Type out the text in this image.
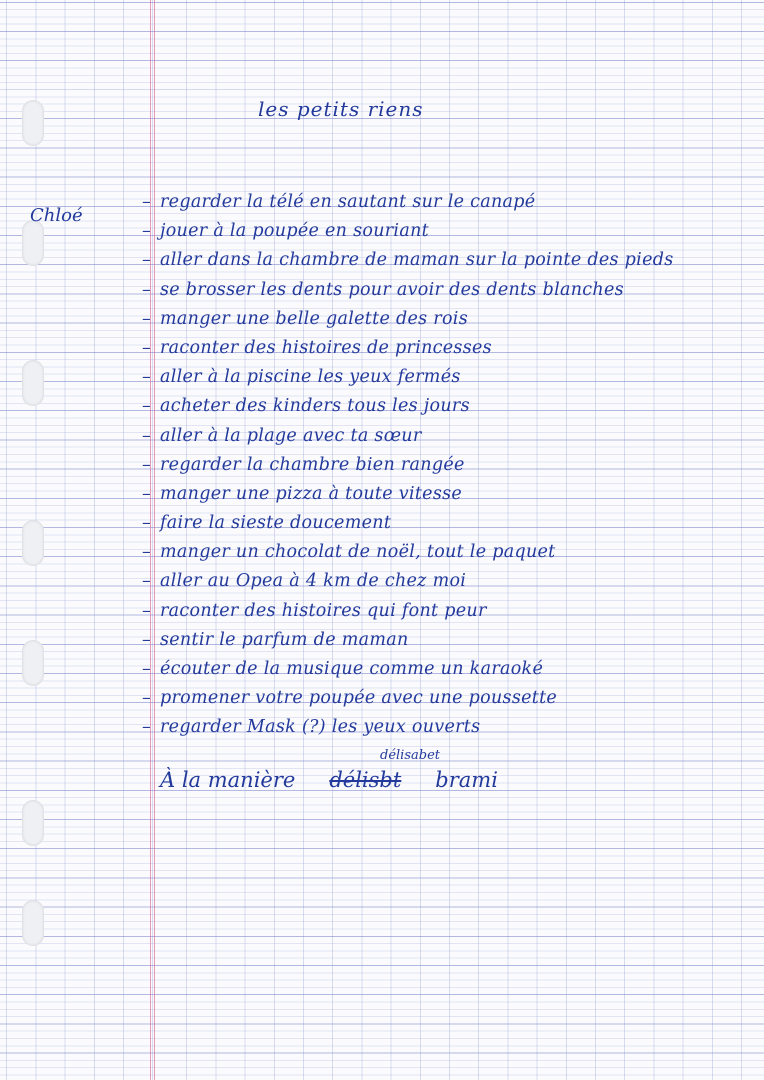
les petits riens
Chloé
– regarder la télé en sautant sur le canapé
– jouer à la poupée en souriant
– aller dans la chambre de maman sur la pointe des pieds
– se brosser les dents pour avoir des dents blanches
– manger une belle galette des rois
– raconter des histoires de princesses
– aller à la piscine les yeux fermés
– acheter des kinders tous les jours
– aller à la plage avec ta sœur
– regarder la chambre bien rangée
– manger une pizza à toute vitesse
– faire la sieste doucement
– manger un chocolat de noël, tout le paquet
– aller au Opea à 4 km de chez moi
– raconter des histoires qui font peur
– sentir le parfum de maman
– écouter de la musique comme un karaoké
– promener votre poupée avec une poussette
– regarder Mask (?) les yeux ouverts
délisabet
À la manière délisbt brami
